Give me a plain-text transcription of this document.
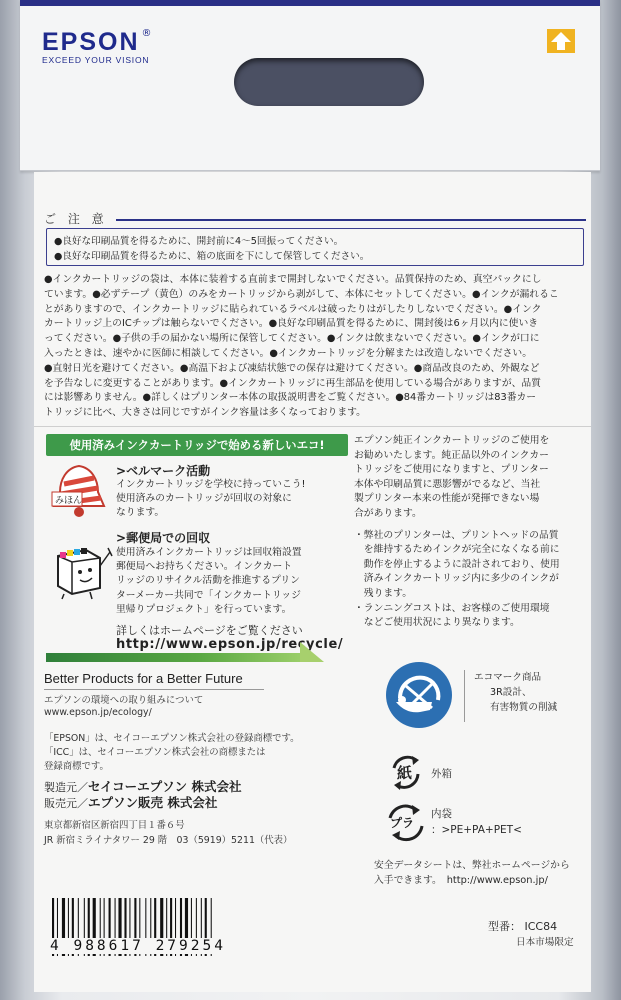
EPSON ®
EXCEED YOUR VISION
ご 注 意
●良好な印刷品質を得るために、開封前に4～5回振ってください。
●良好な印刷品質を得るために、箱の底面を下にして保管してください。
●インクカートリッジの袋は、本体に装着する直前まで開封しないでください。品質保持のため、真空パックにし
ています。●必ずテープ（黄色）のみをカートリッジから剥がして、本体にセットしてください。●インクが漏れるこ
とがありますので、インクカートリッジに貼られているラベルは破ったりはがしたりしないでください。●インク
カートリッジ上のICチップは触らないでください。●良好な印刷品質を得るために、開封後は6ヶ月以内に使いき
ってください。●子供の手の届かない場所に保管してください。●インクは飲まないでください。●インクが口に
入ったときは、速やかに医師に相談してください。●インクカートリッジを分解または改造しないでください。
●直射日光を避けてください。●高温下および凍結状態での保存は避けてください。●商品改良のため、外観など
を予告なしに変更することがあります。●インクカートリッジに再生部品を使用している場合がありますが、品質
には影響ありません。●詳しくはプリンター本体の取扱説明書をご覧ください。●84番カートリッジは83番カー
トリッジに比べ、大きさは同じですがインク容量は多くなっております。
使用済みインクカートリッジで始める新しいエコ!
みほん
>ベルマーク活動
インクカートリッジを学校に持っていこう!
使用済みのカートリッジが回収の対象に
なります。
>郵便局での回収
使用済みインクカートリッジは回収箱設置
郵便局へお持ちください。インクカート
リッジのリサイクル活動を推進するプリン
ターメーカー共同で「インクカートリッジ
里帰りプロジェクト」を行っています。
詳しくはホームページをご覧ください
http://www.epson.jp/recycle/
エプソン純正インクカートリッジのご使用を
お勧めいたします。純正品以外のインクカー
トリッジをご使用になりますと、プリンター
本体や印刷品質に悪影響がでるなど、当社
製プリンター本来の性能が発揮できない場
合があります。
・弊社のプリンターは、プリントヘッドの品質
　を維持するためインクが完全になくなる前に
　動作を停止するように設計されており、使用
　済みインクカートリッジ内に多少のインクが
　残ります。
・ランニングコストは、お客様のご使用環境
　などご使用状況により異なります。
Better Products for a Better Future
エプソンの環境への取り組みについて
www.epson.jp/ecology/
「EPSON」は、セイコーエプソン株式会社の登録商標です。
「ICC」は、セイコーエプソン株式会社の商標または
登録商標です。
製造元／セイコーエプソン 株式会社
販売元／エプソン販売 株式会社
東京都新宿区新宿四丁目１番６号
JR 新宿ミライナタワー 29 階　03（5919）5211（代表）
エコマーク商品
3R設計、
有害物質の削減
紙 外箱
プラ
内袋
：>PE+PA+PET<
安全データシートは、弊社ホームページから
入手できます。　http://www.epson.jp/
型番： ICC84
日本市場限定
4 988617 279254
